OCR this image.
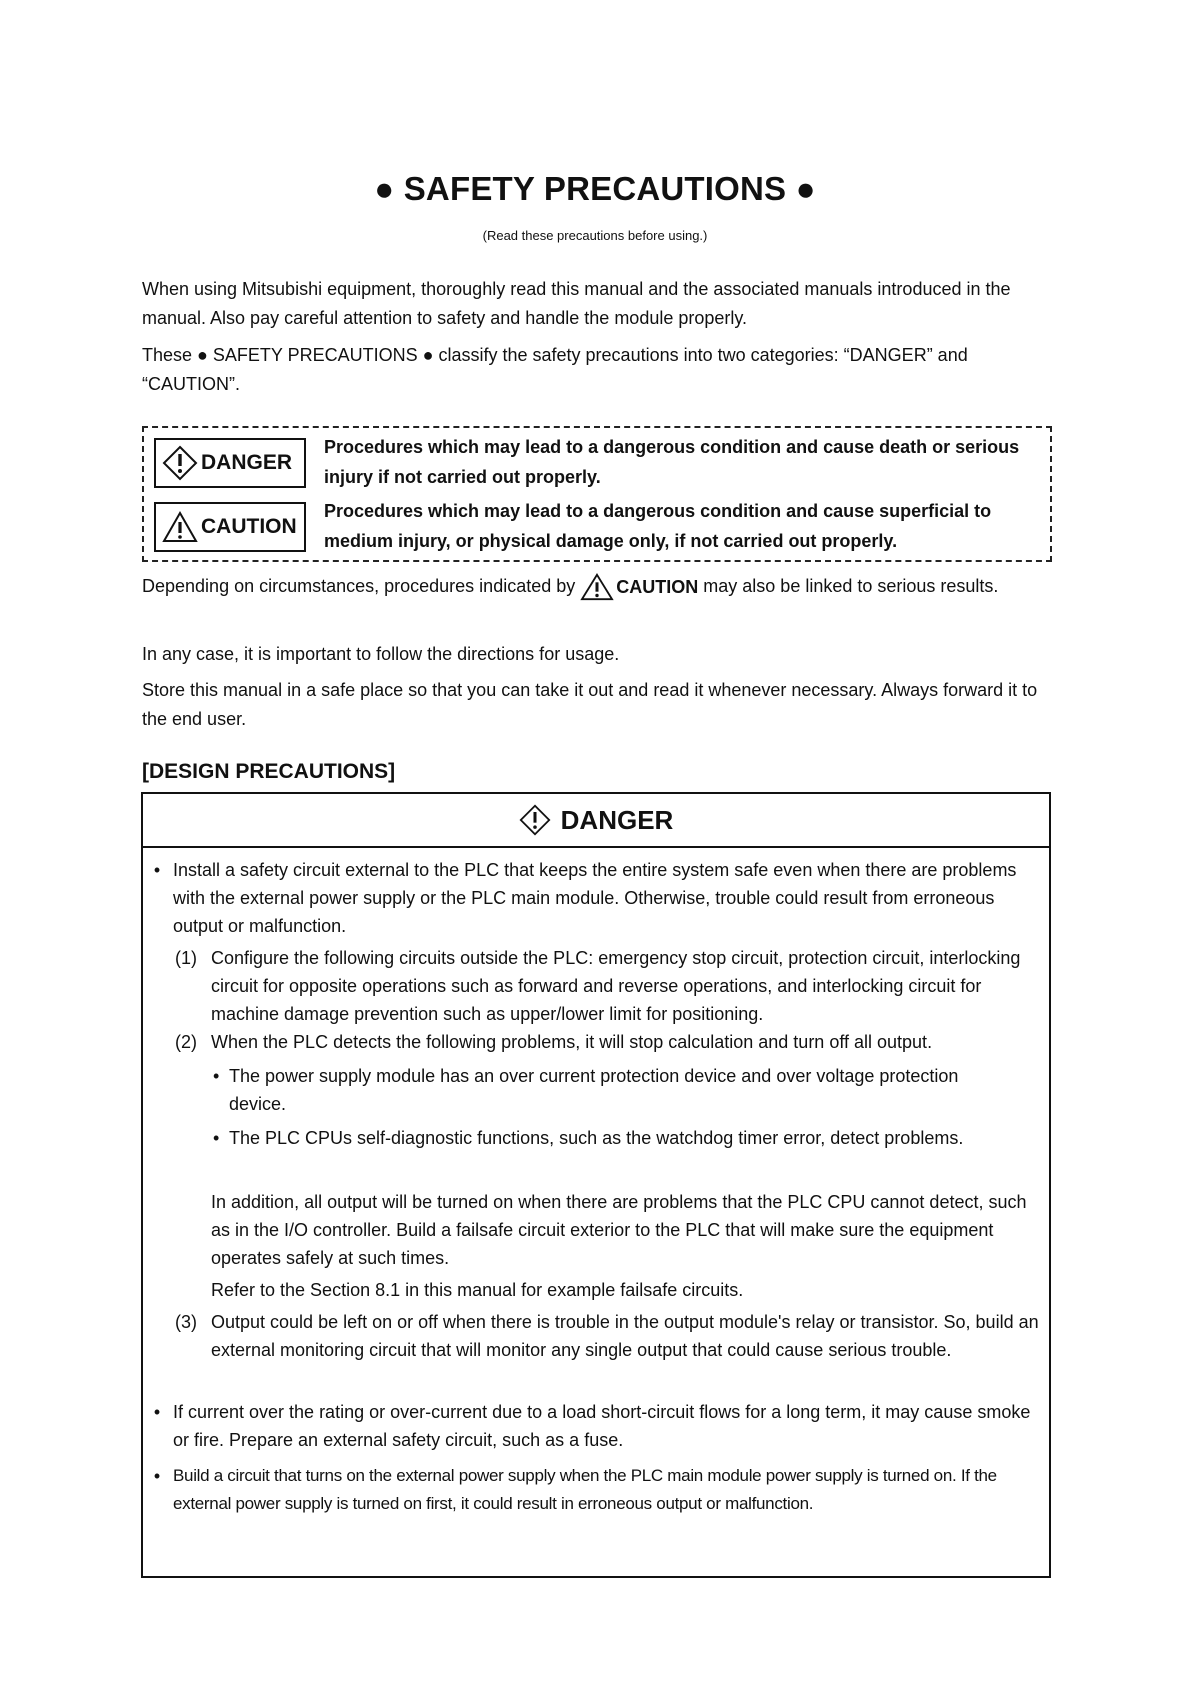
● SAFETY PRECAUTIONS ●
(Read these precautions before using.)

When using Mitsubishi equipment, thoroughly read this manual and the associated manuals introduced in the manual. Also pay careful attention to safety and handle the module properly.

These ● SAFETY PRECAUTIONS ● classify the safety precautions into two categories: “DANGER” and “CAUTION”.

DANGER
Procedures which may lead to a dangerous condition and cause death or serious injury if not carried out properly.
CAUTION
Procedures which may lead to a dangerous condition and cause superficial to medium injury, or physical damage only, if not carried out properly.

Depending on circumstances, procedures indicated by CAUTION may also be linked to serious results.

In any case, it is important to follow the directions for usage.

Store this manual in a safe place so that you can take it out and read it whenever necessary. Always forward it to the end user.

[DESIGN PRECAUTIONS]
DANGER
• Install a safety circuit external to the PLC that keeps the entire system safe even when there are problems with the external power supply or the PLC main module. Otherwise, trouble could result from erroneous output or malfunction.

(1) Configure the following circuits outside the PLC: emergency stop circuit, protection circuit, interlocking circuit for opposite operations such as forward and reverse operations, and interlocking circuit for machine damage prevention such as upper/lower limit for positioning.

(2) When the PLC detects the following problems, it will stop calculation and turn off all output.

• The power supply module has an over current protection device and over voltage protection device.

• The PLC CPUs self-diagnostic functions, such as the watchdog timer error, detect problems.

In addition, all output will be turned on when there are problems that the PLC CPU cannot detect, such as in the I/O controller. Build a failsafe circuit exterior to the PLC that will make sure the equipment operates safely at such times.

Refer to the Section 8.1 in this manual for example failsafe circuits.

(3) Output could be left on or off when there is trouble in the output module's relay or transistor. So, build an external monitoring circuit that will monitor any single output that could cause serious trouble.

• If current over the rating or over-current due to a load short-circuit flows for a long term, it may cause smoke or fire. Prepare an external safety circuit, such as a fuse.

• Build a circuit that turns on the external power supply when the PLC main module power supply is turned on. If the external power supply is turned on first, it could result in erroneous output or malfunction.
